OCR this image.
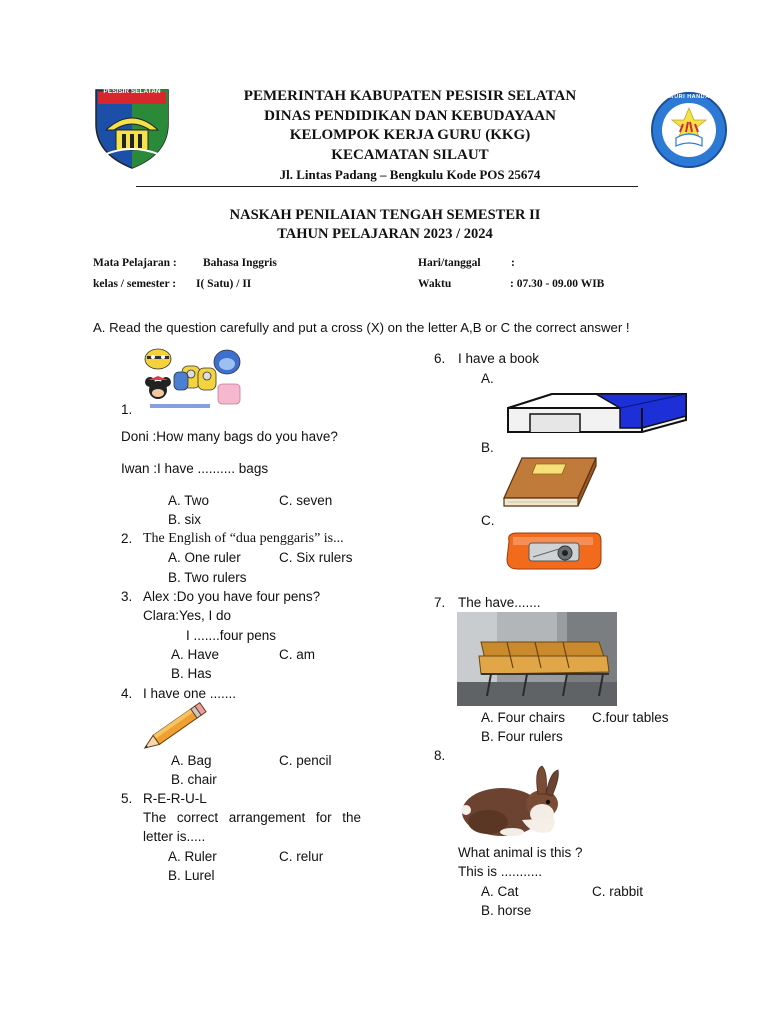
PESISIR SELATAN
TUT WURI HANDAYANI
PEMERINTAH KABUPATEN PESISIR SELATAN
DINAS PENDIDIKAN DAN KEBUDAYAAN
KELOMPOK KERJA GURU (KKG)
KECAMATAN SILAUT
Jl. Lintas Padang – Bengkulu Kode POS 25674
NASKAH PENILAIAN TENGAH SEMESTER II
TAHUN PELAJARAN 2023 / 2024
Mata Pelajaran : Bahasa Inggris
kelas / semester : I( Satu) / II
Hari/tanggal	:
Waktu	: 07.30 - 09.00 WIB
A. Read the question carefully and put a cross (X) on the letter A,B or C the correct answer !
1.
Doni :How many bags do you have?
Iwan :I have .......... bags
A. Two	C. seven
B. six
2. The English of “dua penggaris” is...
A. One ruler	C. Six rulers
B. Two rulers
3. Alex :Do you have four pens?
Clara:Yes, I do
I .......four pens
A. Have	C. am
B. Has
4. I have one .......
A. Bag	C. pencil
B. chair
5. R-E-R-U-L
The correct arrangement for the letter is.....
A. Ruler	C. relur
B. Lurel
6. I have a book
A.
B.
C.
7. The have.......
A. Four chairs C.four tables
B. Four rulers
8.
What animal is this ?
This is ...........
A. Cat	C. rabbit
B. horse
